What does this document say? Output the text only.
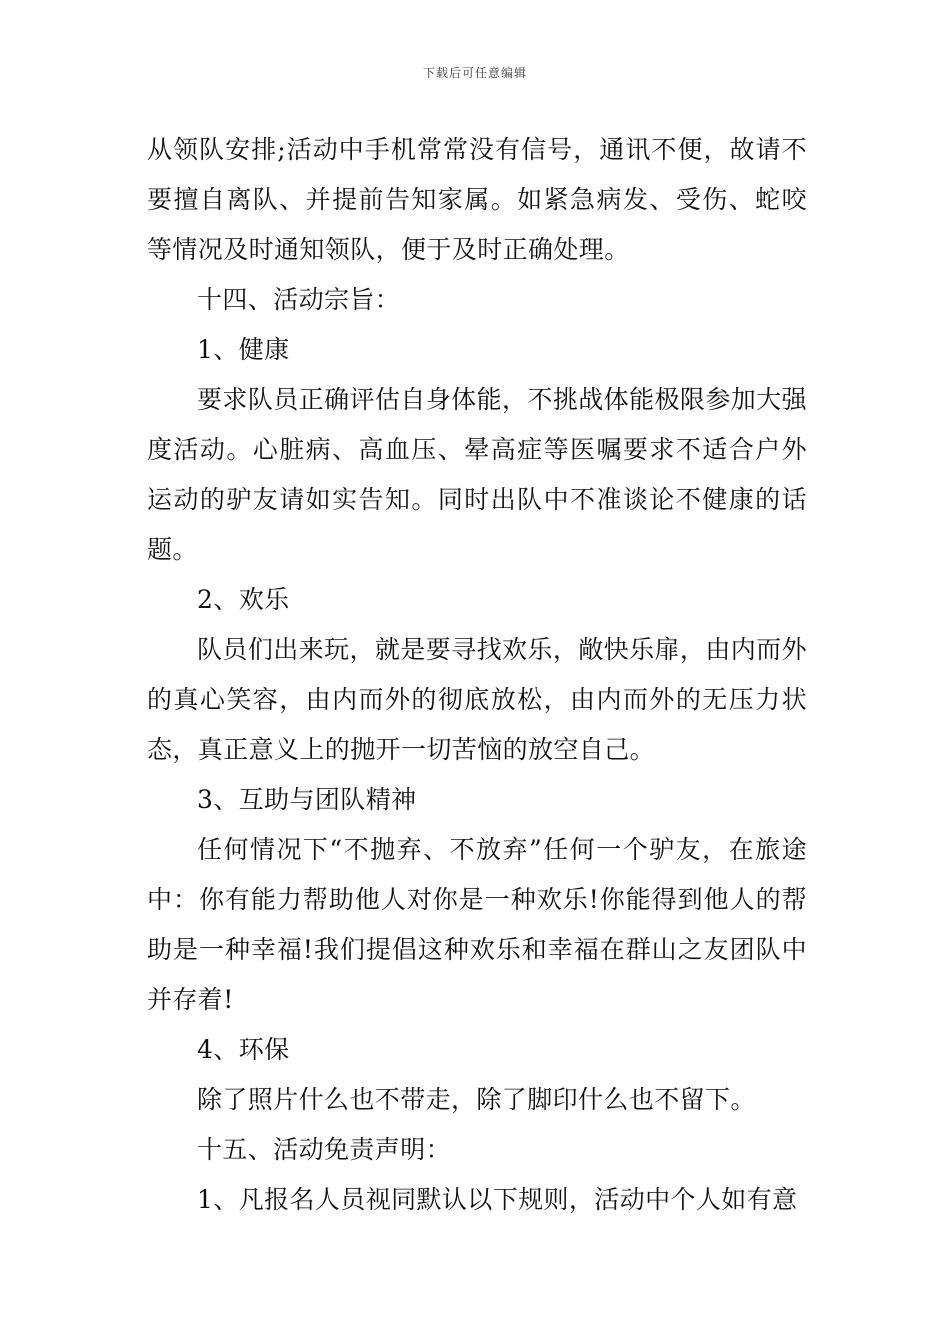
下载后可任意编辑

从领队安排;活动中手机常常没有信号，通讯不便，故请不要擅自离队、并提前告知家属。如紧急病发、受伤、蛇咬等情况及时通知领队，便于及时正确处理。

十四、活动宗旨：

1、健康

要求队员正确评估自身体能，不挑战体能极限参加大强度活动。心脏病、高血压、晕高症等医嘱要求不适合户外运动的驴友请如实告知。同时出队中不准谈论不健康的话题。

2、欢乐

队员们出来玩，就是要寻找欢乐，敞快乐扉，由内而外的真心笑容，由内而外的彻底放松，由内而外的无压力状态，真正意义上的抛开一切苦恼的放空自己。

3、互助与团队精神

任何情况下“不抛弃、不放弃”任何一个驴友，在旅途中：你有能力帮助他人对你是一种欢乐!你能得到他人的帮助是一种幸福!我们提倡这种欢乐和幸福在群山之友团队中并存着!

4、环保

除了照片什么也不带走，除了脚印什么也不留下。

十五、活动免责声明：

1、凡报名人员视同默认以下规则，活动中个人如有意
